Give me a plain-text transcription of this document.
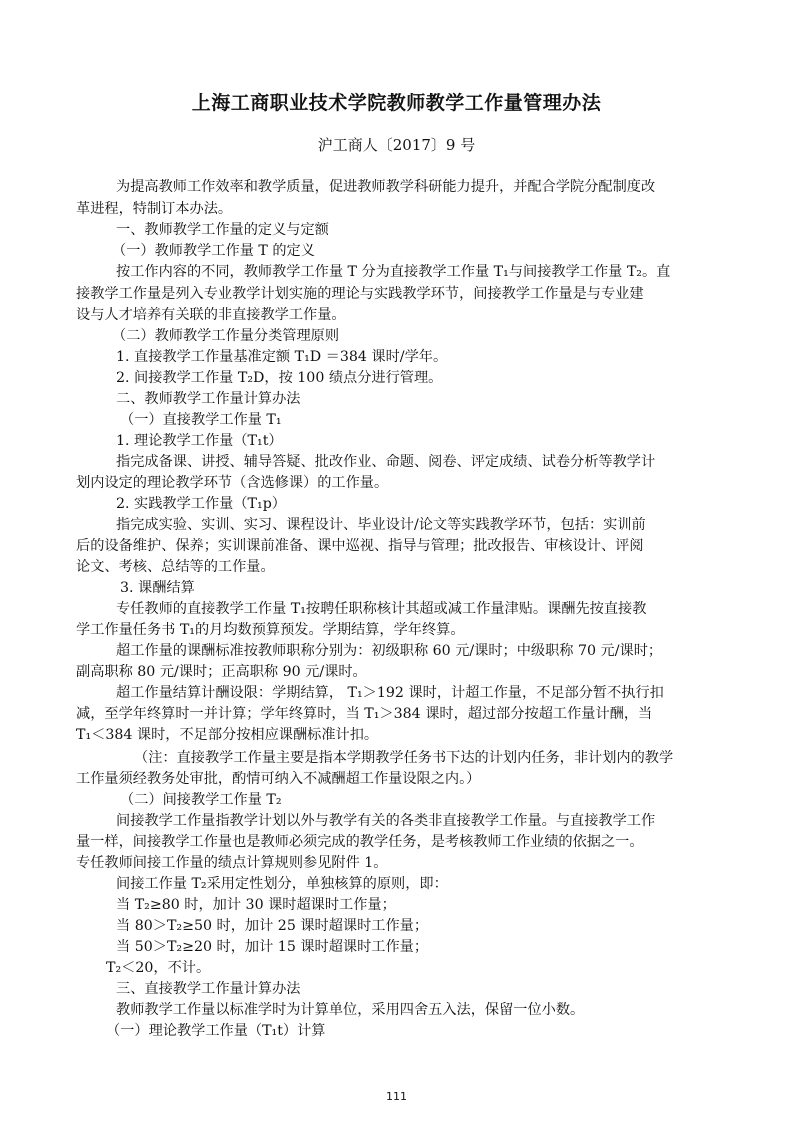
上海工商职业技术学院教师教学工作量管理办法
沪工商人〔2017〕9 号
为提高教师工作效率和教学质量，促进教师教学科研能力提升，并配合学院分配制度改
革进程，特制订本办法。
一、教师教学工作量的定义与定额
（一）教师教学工作量 T 的定义
按工作内容的不同，教师教学工作量 T 分为直接教学工作量 T₁与间接教学工作量 T₂。直
接教学工作量是列入专业教学计划实施的理论与实践教学环节，间接教学工作量是与专业建
设与人才培养有关联的非直接教学工作量。
（二）教师教学工作量分类管理原则
1. 直接教学工作量基准定额 T₁D ＝384 课时/学年。
2. 间接教学工作量 T₂D，按 100 绩点分进行管理。
二、教师教学工作量计算办法
（一）直接教学工作量 T₁
1. 理论教学工作量（T₁t）
指完成备课、讲授、辅导答疑、批改作业、命题、阅卷、评定成绩、试卷分析等教学计
划内设定的理论教学环节（含选修课）的工作量。
2. 实践教学工作量（T₁p）
指完成实验、实训、实习、课程设计、毕业设计/论文等实践教学环节，包括：实训前
后的设备维护、保养；实训课前准备、课中巡视、指导与管理；批改报告、审核设计、评阅
论文、考核、总结等的工作量。
3. 课酬结算
专任教师的直接教学工作量 T₁按聘任职称核计其超或减工作量津贴。课酬先按直接教
学工作量任务书 T₁的月均数预算预发。学期结算，学年终算。
超工作量的课酬标准按教师职称分别为：初级职称 60 元/课时；中级职称 70 元/课时；
副高职称 80 元/课时；正高职称 90 元/课时。
超工作量结算计酬设限：学期结算， T₁＞192 课时，计超工作量，不足部分暂不执行扣
减，至学年终算时一并计算；学年终算时，当 T₁＞384 课时，超过部分按超工作量计酬，当
T₁＜384 课时，不足部分按相应课酬标准计扣。
（注：直接教学工作量主要是指本学期教学任务书下达的计划内任务，非计划内的教学
工作量须经教务处审批，酌情可纳入不减酬超工作量设限之内。）
（二）间接教学工作量 T₂
间接教学工作量指教学计划以外与教学有关的各类非直接教学工作量。与直接教学工作
量一样，间接教学工作量也是教师必须完成的教学任务，是考核教师工作业绩的依据之一。
专任教师间接工作量的绩点计算规则参见附件 1。
间接工作量 T₂采用定性划分，单独核算的原则，即：
当 T₂≥80 时，加计 30 课时超课时工作量；
当 80＞T₂≥50 时，加计 25 课时超课时工作量；
当 50＞T₂≥20 时，加计 15 课时超课时工作量；
T₂＜20，不计。
三、直接教学工作量计算办法
教师教学工作量以标准学时为计算单位，采用四舍五入法，保留一位小数。
（一）理论教学工作量（T₁t）计算
111
